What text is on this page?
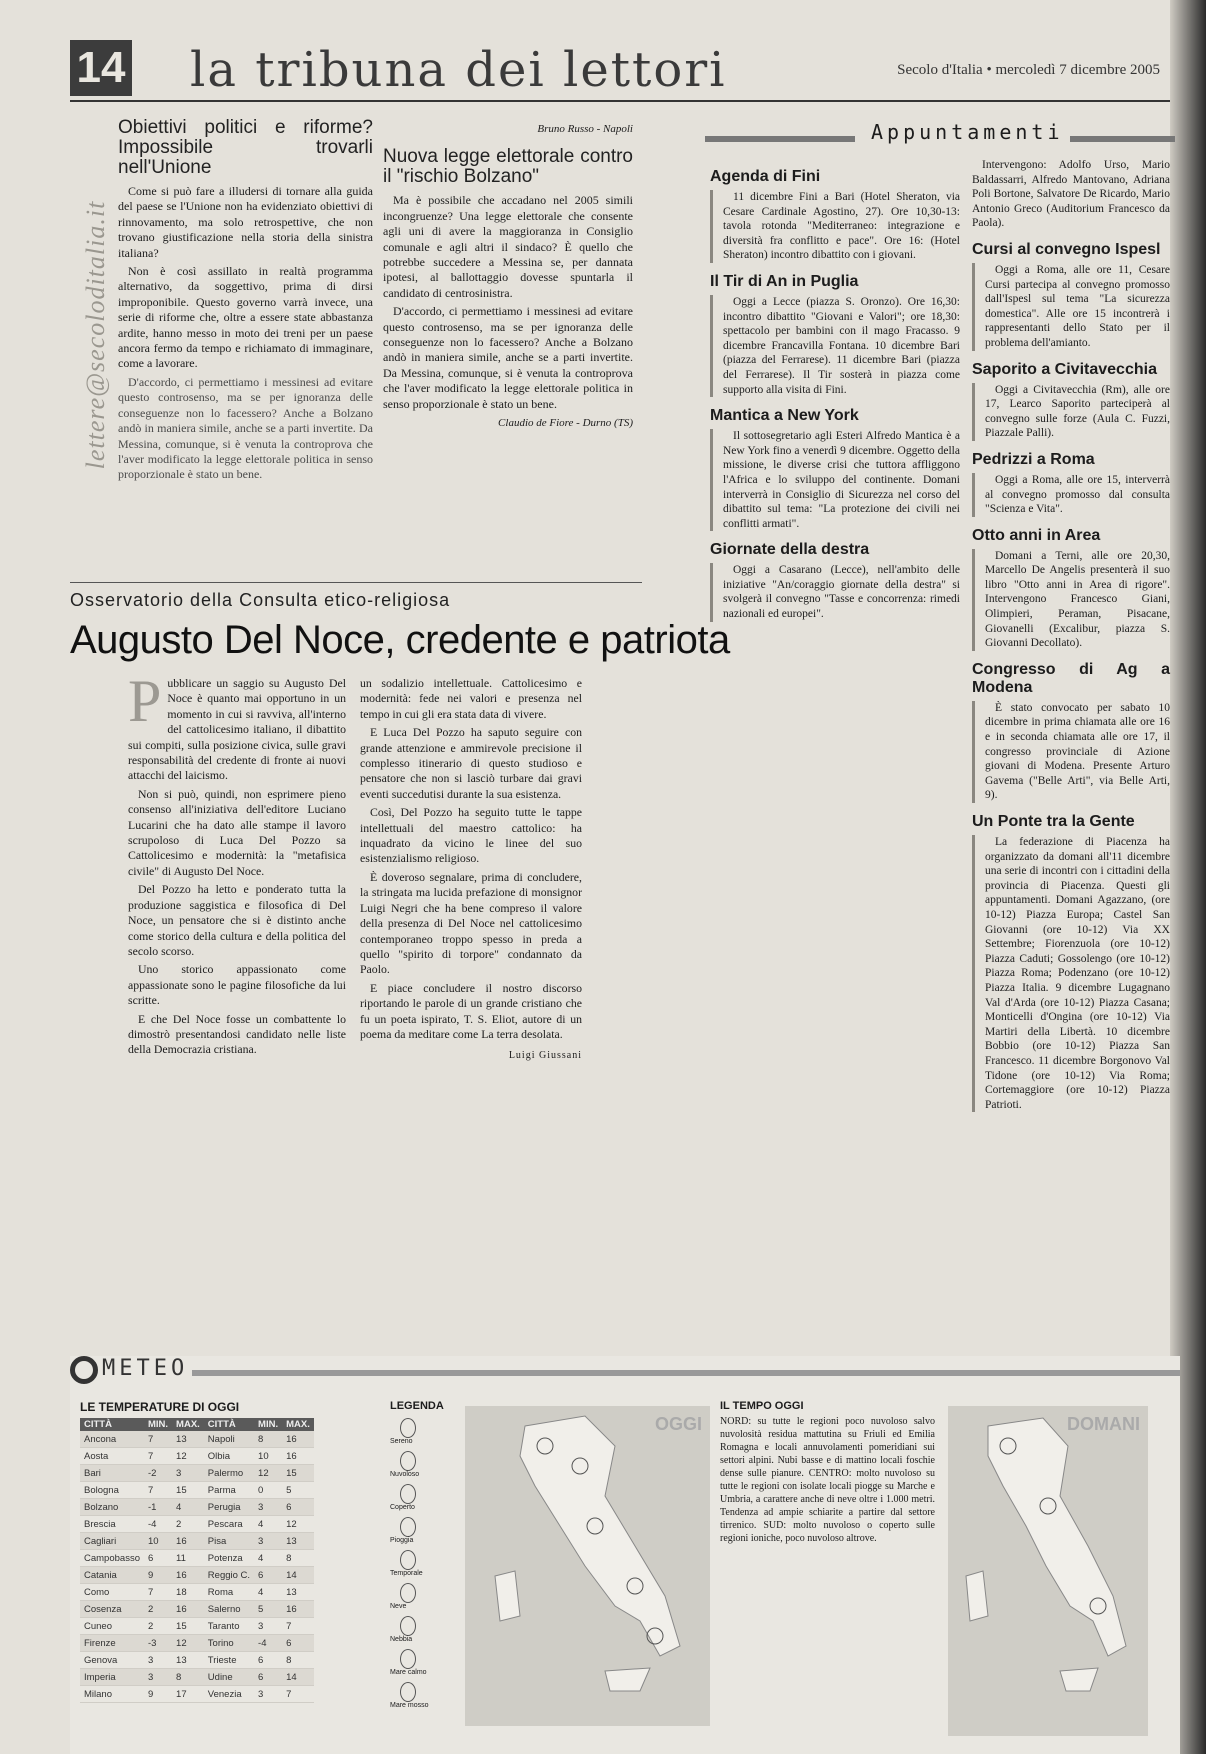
14 la tribuna dei lettori	Secolo d'Italia • mercoledì 7 dicembre 2005
lettere@secoloditalia.it
Obiettivi politici e riforme? Impossibile trovarli nell'Unione

Come si può fare a illudersi di tornare alla guida del paese se l'Unione non ha evidenziato obiettivi di rinnovamento, ma solo retrospettive, che non trovano giustificazione nella storia della sinistra italiana?

Non è così assillato in realtà programma alternativo, da soggettivo, prima di dirsi improponibile. Questo governo varrà invece, una serie di riforme che, oltre a essere state abbastanza ardite, hanno messo in moto dei treni per un paese ancora fermo da tempo e richiamato di immaginare, come a lavorare.

D'accordo, ci permettiamo i messinesi ad evitare questo controsenso, ma se per ignoranza delle conseguenze non lo facessero? Anche a Bolzano andò in maniera simile, anche se a parti invertite. Da Messina, comunque, si è venuta la controprova che l'aver modificato la legge elettorale politica in senso proporzionale è stato un bene.

Bruno Russo - Napoli
Nuova legge elettorale contro il "rischio Bolzano"

Ma è possibile che accadano nel 2005 simili incongruenze? Una legge elettorale che consente agli uni di avere la maggioranza in Consiglio comunale e agli altri il sindaco? È quello che potrebbe succedere a Messina se, per dannata ipotesi, al ballottaggio dovesse spuntarla il candidato di centrosinistra.

D'accordo, ci permettiamo i messinesi ad evitare questo controsenso, ma se per ignoranza delle conseguenze non lo facessero? Anche a Bolzano andò in maniera simile, anche se a parti invertite. Da Messina, comunque, si è venuta la controprova che l'aver modificato la legge elettorale politica in senso proporzionale è stato un bene.

Claudio de Fiore - Durno (TS)
Osservatorio della Consulta etico-religiosa
Augusto Del Noce, credente e patriota
P ubblicare un saggio su Augusto Del Noce è quanto mai opportuno in un momento in cui si ravviva, all'interno del cattolicesimo italiano, il dibattito sui compiti, sulla posizione civica, sulle gravi responsabilità del credente di fronte ai nuovi attacchi del laicismo.

Non si può, quindi, non esprimere pieno consenso all'iniziativa dell'editore Luciano Lucarini che ha dato alle stampe il lavoro scrupoloso di Luca Del Pozzo sa Cattolicesimo e modernità: la "metafisica civile" di Augusto Del Noce.

Del Pozzo ha letto e ponderato tutta la produzione saggistica e filosofica di Del Noce, un pensatore che si è distinto anche come storico della cultura e della politica del secolo scorso.

Uno storico appassionato come appassionate sono le pagine filosofiche da lui scritte.

E che Del Noce fosse un combattente lo dimostrò presentandosi candidato nelle liste della Democrazia cristiana.

un sodalizio intellettuale. Cattolicesimo e modernità: fede nei valori e presenza nel tempo in cui gli era stata data di vivere.

E Luca Del Pozzo ha saputo seguire con grande attenzione e ammirevole precisione il complesso itinerario di questo studioso e pensatore che non si lasciò turbare dai gravi eventi succedutisi durante la sua esistenza.

Così, Del Pozzo ha seguito tutte le tappe intellettuali del maestro cattolico: ha inquadrato da vicino le linee del suo esistenzialismo religioso.

È doveroso segnalare, prima di concludere, la stringata ma lucida prefazione di monsignor Luigi Negri che ha bene compreso il valore della presenza di Del Noce nel cattolicesimo contemporaneo troppo spesso in preda a quello "spirito di torpore" condannato da Paolo.

E piace concludere il nostro discorso riportando le parole di un grande cristiano che fu un poeta ispirato, T. S. Eliot, autore di un poema da meditare come La terra desolata.

Luigi Giussani
Appuntamenti
Agenda di Fini

11 dicembre Fini a Bari (Hotel Sheraton, via Cesare Cardinale Agostino, 27). Ore 10,30-13: tavola rotonda "Mediterraneo: integrazione e diversità fra conflitto e pace". Ore 16: (Hotel Sheraton) incontro dibattito con i giovani.

Il Tir di An in Puglia

Oggi a Lecce (piazza S. Oronzo). Ore 16,30: incontro dibattito "Giovani e Valori"; ore 18,30: spettacolo per bambini con il mago Fracasso. 9 dicembre Francavilla Fontana. 10 dicembre Bari (piazza del Ferrarese). 11 dicembre Bari (piazza del Ferrarese). Il Tir sosterà in piazza come supporto alla visita di Fini.

Mantica a New York

Il sottosegretario agli Esteri Alfredo Mantica è a New York fino a venerdì 9 dicembre. Oggetto della missione, le diverse crisi che tuttora affliggono l'Africa e lo sviluppo del continente. Domani interverrà in Consiglio di Sicurezza nel corso del dibattito sul tema: "La protezione dei civili nei conflitti armati".

Giornate della destra

Oggi a Casarano (Lecce), nell'ambito delle iniziative "An/coraggio giornate della destra" si svolgerà il convegno "Tasse e concorrenza: rimedi nazionali ed europei".

Intervengono: Adolfo Urso, Mario Baldassarri, Alfredo Mantovano, Adriana Poli Bortone, Salvatore De Ricardo, Mario Antonio Greco (Auditorium Francesco da Paola).

Cursi al convegno Ispesl

Oggi a Roma, alle ore 11, Cesare Cursi partecipa al convegno promosso dall'Ispesl sul tema "La sicurezza domestica". Alle ore 15 incontrerà i rappresentanti dello Stato per il problema dell'amianto.

Saporito a Civitavecchia

Oggi a Civitavecchia (Rm), alle ore 17, Learco Saporito parteciperà al convegno sulle forze (Aula C. Fuzzi, Piazzale Palli).

Pedrizzi a Roma

Oggi a Roma, alle ore 15, interverrà al convegno promosso dal consulta "Scienza e Vita".

Otto anni in Area

Domani a Terni, alle ore 20,30, Marcello De Angelis presenterà il suo libro "Otto anni in Area di rigore". Intervengono Francesco Giani, Olimpieri, Peraman, Pisacane, Giovanelli (Excalibur, piazza S. Giovanni Decollato).

Congresso di Ag a Modena

È stato convocato per sabato 10 dicembre in prima chiamata alle ore 16 e in seconda chiamata alle ore 17, il congresso provinciale di Azione giovani di Modena. Presente Arturo Gavema ("Belle Arti", via Belle Arti, 9).

Un Ponte tra la Gente

La federazione di Piacenza ha organizzato da domani all'11 dicembre una serie di incontri con i cittadini della provincia di Piacenza. Questi gli appuntamenti. Domani Agazzano, (ore 10-12) Piazza Europa; Castel San Giovanni (ore 10-12) Via XX Settembre; Fiorenzuola (ore 10-12) Piazza Caduti; Gossolengo (ore 10-12) Piazza Roma; Podenzano (ore 10-12) Piazza Italia. 9 dicembre Lugagnano Val d'Arda (ore 10-12) Piazza Casana; Monticelli d'Ongina (ore 10-12) Via Martiri della Libertà. 10 dicembre Bobbio (ore 10-12) Piazza San Francesco. 11 dicembre Borgonovo Val Tidone (ore 10-12) Via Roma; Cortemaggiore (ore 10-12) Piazza Patrioti.

METEO
LE TEMPERATURE DI OGGI
CITTÀ	MIN.	MAX.	CITTÀ	MIN.	MAX.
Ancona	7	13	Napoli	8	16
Aosta	7	12	Olbia	10	16
Bari	-2	3	Palermo	12	15
Bologna	7	15	Parma	0	5
Bolzano	-1	4	Perugia	3	6
Brescia	-4	2	Pescara	4	12
Cagliari	10	16	Pisa	3	13
Campobasso	6	11	Potenza	4	8
Catania	9	16	Reggio C.	6	14
Como	7	18	Roma	4	13
Cosenza	2	16	Salerno	5	16
Cuneo	2	15	Taranto	3	7
Firenze	-3	12	Torino	-4	6
Genova	3	13	Trieste	6	8
Imperia	3	8	Udine	6	14
Milano	9	17	Venezia	3	7
LEGENDA
Sereno
Nuvoloso
Coperto
Pioggia
Temporale
Neve
Nebbia
Mare calmo
Mare mosso
OGGI
IL TEMPO OGGI
NORD: su tutte le regioni poco nuvoloso salvo nuvolosità residua mattutina su Friuli ed Emilia Romagna e locali annuvolamenti pomeridiani sui settori alpini. Nubi basse e di mattino locali foschie dense sulle pianure. CENTRO: molto nuvoloso su tutte le regioni con isolate locali piogge su Marche e Umbria, a carattere anche di neve oltre i 1.000 metri. Tendenza ad ampie schiarite a partire dal settore tirrenico. SUD: molto nuvoloso o coperto sulle regioni ioniche, poco nuvoloso altrove.
DOMANI
